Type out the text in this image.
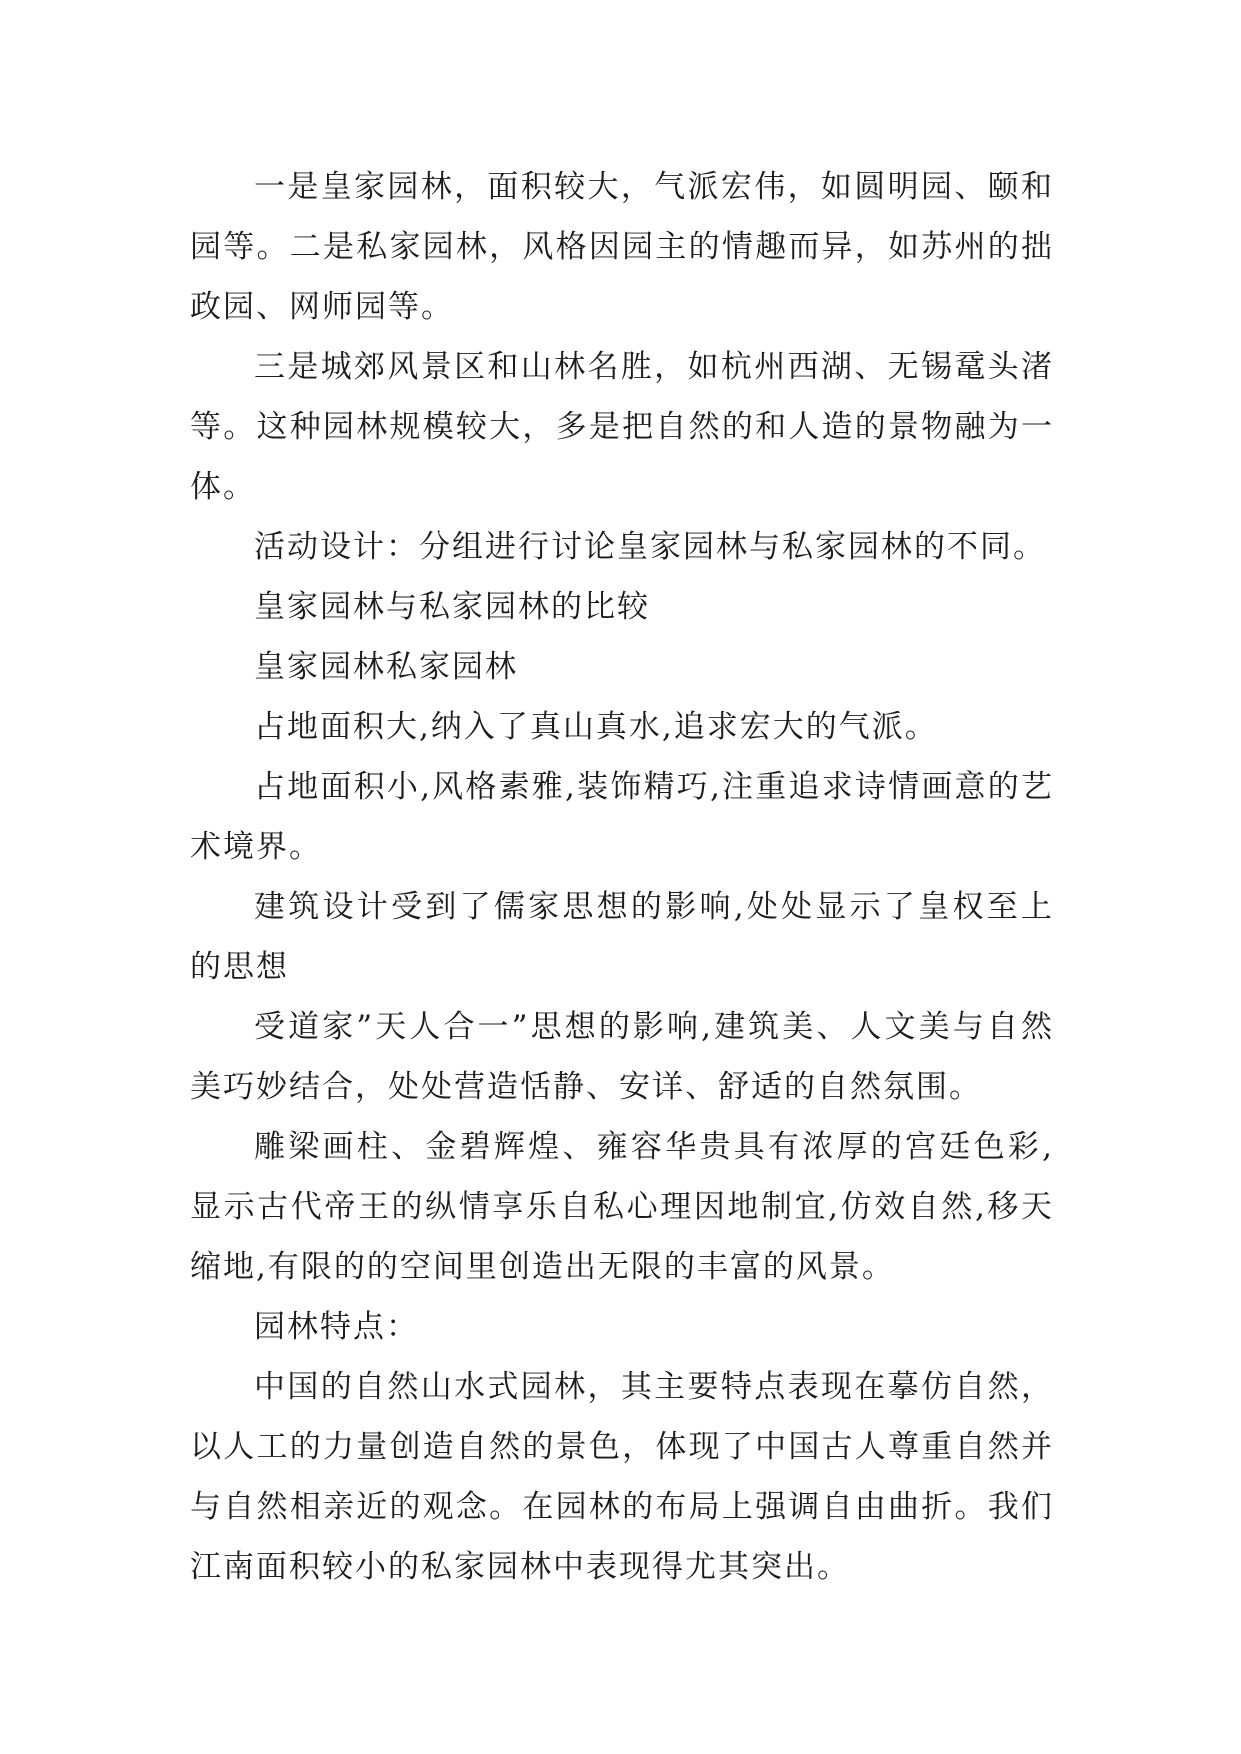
一是皇家园林，面积较大，气派宏伟，如圆明园、颐和园等。二是私家园林，风格因园主的情趣而异，如苏州的拙政园、网师园等。

三是城郊风景区和山林名胜，如杭州西湖、无锡鼋头渚等。这种园林规模较大，多是把自然的和人造的景物融为一体。

活动设计：分组进行讨论皇家园林与私家园林的不同。

皇家园林与私家园林的比较

皇家园林私家园林

占地面积大,纳入了真山真水,追求宏大的气派。

占地面积小,风格素雅,装饰精巧,注重追求诗情画意的艺术境界。

建筑设计受到了儒家思想的影响,处处显示了皇权至上的思想

受道家”天人合一”思想的影响,建筑美、人文美与自然美巧妙结合，处处营造恬静、安详、舒适的自然氛围。

雕梁画柱、金碧辉煌、雍容华贵具有浓厚的宫廷色彩,显示古代帝王的纵情享乐自私心理因地制宜,仿效自然,移天缩地,有限的的空间里创造出无限的丰富的风景。

园林特点：

中国的自然山水式园林，其主要特点表现在摹仿自然，以人工的力量创造自然的景色，体现了中国古人尊重自然并与自然相亲近的观念。在园林的布局上强调自由曲折。我们江南面积较小的私家园林中表现得尤其突出。
